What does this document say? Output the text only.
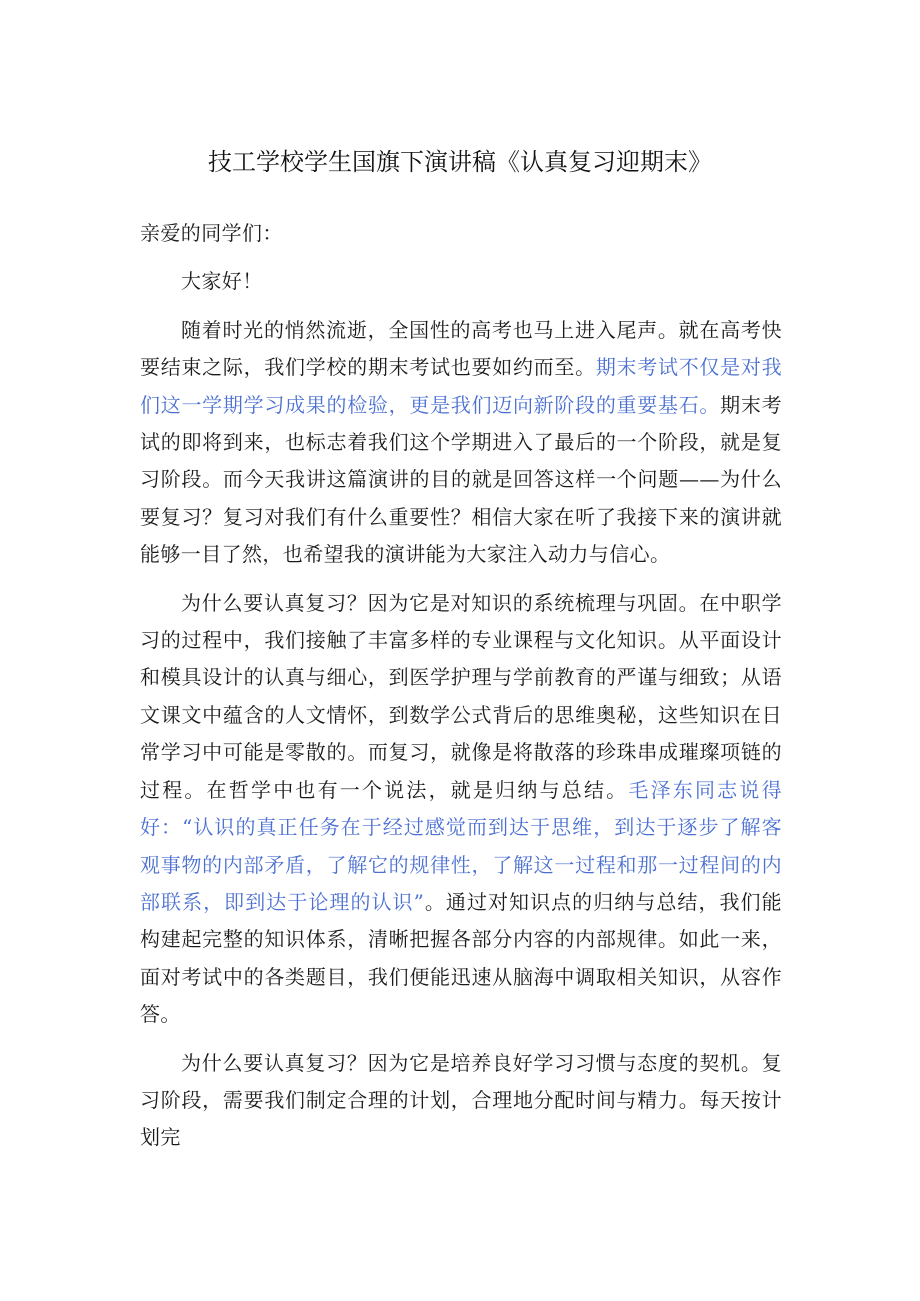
技工学校学生国旗下演讲稿《认真复习迎期末》

亲爱的同学们：

大家好！

随着时光的悄然流逝，全国性的高考也马上进入尾声。就在高考快要结束之际，我们学校的期末考试也要如约而至。期末考试不仅是对我们这一学期学习成果的检验，更是我们迈向新阶段的重要基石。期末考试的即将到来，也标志着我们这个学期进入了最后的一个阶段，就是复习阶段。而今天我讲这篇演讲的目的就是回答这样一个问题——为什么要复习？复习对我们有什么重要性？相信大家在听了我接下来的演讲就能够一目了然，也希望我的演讲能为大家注入动力与信心。

为什么要认真复习？因为它是对知识的系统梳理与巩固。在中职学习的过程中，我们接触了丰富多样的专业课程与文化知识。从平面设计和模具设计的认真与细心，到医学护理与学前教育的严谨与细致；从语文课文中蕴含的人文情怀，到数学公式背后的思维奥秘，这些知识在日常学习中可能是零散的。而复习，就像是将散落的珍珠串成璀璨项链的过程。在哲学中也有一个说法，就是归纳与总结。毛泽东同志说得好：“认识的真正任务在于经过感觉而到达于思维，到达于逐步了解客观事物的内部矛盾，了解它的规律性，了解这一过程和那一过程间的内部联系，即到达于论理的认识”。通过对知识点的归纳与总结，我们能构建起完整的知识体系，清晰把握各部分内容的内部规律。如此一来，面对考试中的各类题目，我们便能迅速从脑海中调取相关知识，从容作答。

为什么要认真复习？因为它是培养良好学习习惯与态度的契机。复习阶段，需要我们制定合理的计划，合理地分配时间与精力。每天按计划完
